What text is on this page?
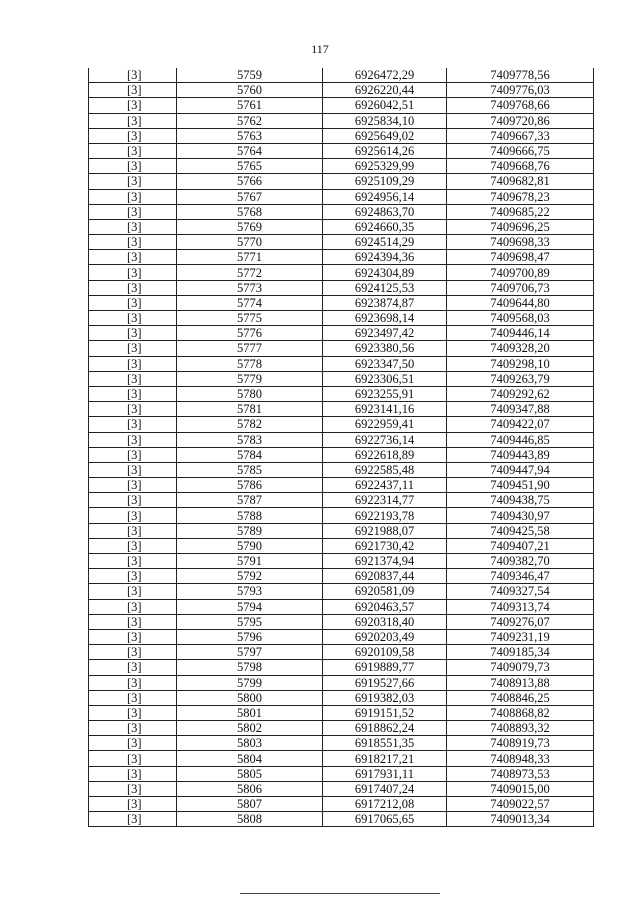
117
[3]	5759	6926472,29	7409778,56
[3]	5760	6926220,44	7409776,03
[3]	5761	6926042,51	7409768,66
[3]	5762	6925834,10	7409720,86
[3]	5763	6925649,02	7409667,33
[3]	5764	6925614,26	7409666,75
[3]	5765	6925329,99	7409668,76
[3]	5766	6925109,29	7409682,81
[3]	5767	6924956,14	7409678,23
[3]	5768	6924863,70	7409685,22
[3]	5769	6924660,35	7409696,25
[3]	5770	6924514,29	7409698,33
[3]	5771	6924394,36	7409698,47
[3]	5772	6924304,89	7409700,89
[3]	5773	6924125,53	7409706,73
[3]	5774	6923874,87	7409644,80
[3]	5775	6923698,14	7409568,03
[3]	5776	6923497,42	7409446,14
[3]	5777	6923380,56	7409328,20
[3]	5778	6923347,50	7409298,10
[3]	5779	6923306,51	7409263,79
[3]	5780	6923255,91	7409292,62
[3]	5781	6923141,16	7409347,88
[3]	5782	6922959,41	7409422,07
[3]	5783	6922736,14	7409446,85
[3]	5784	6922618,89	7409443,89
[3]	5785	6922585,48	7409447,94
[3]	5786	6922437,11	7409451,90
[3]	5787	6922314,77	7409438,75
[3]	5788	6922193,78	7409430,97
[3]	5789	6921988,07	7409425,58
[3]	5790	6921730,42	7409407,21
[3]	5791	6921374,94	7409382,70
[3]	5792	6920837,44	7409346,47
[3]	5793	6920581,09	7409327,54
[3]	5794	6920463,57	7409313,74
[3]	5795	6920318,40	7409276,07
[3]	5796	6920203,49	7409231,19
[3]	5797	6920109,58	7409185,34
[3]	5798	6919889,77	7409079,73
[3]	5799	6919527,66	7408913,88
[3]	5800	6919382,03	7408846,25
[3]	5801	6919151,52	7408868,82
[3]	5802	6918862,24	7408893,32
[3]	5803	6918551,35	7408919,73
[3]	5804	6918217,21	7408948,33
[3]	5805	6917931,11	7408973,53
[3]	5806	6917407,24	7409015,00
[3]	5807	6917212,08	7409022,57
[3]	5808	6917065,65	7409013,34
